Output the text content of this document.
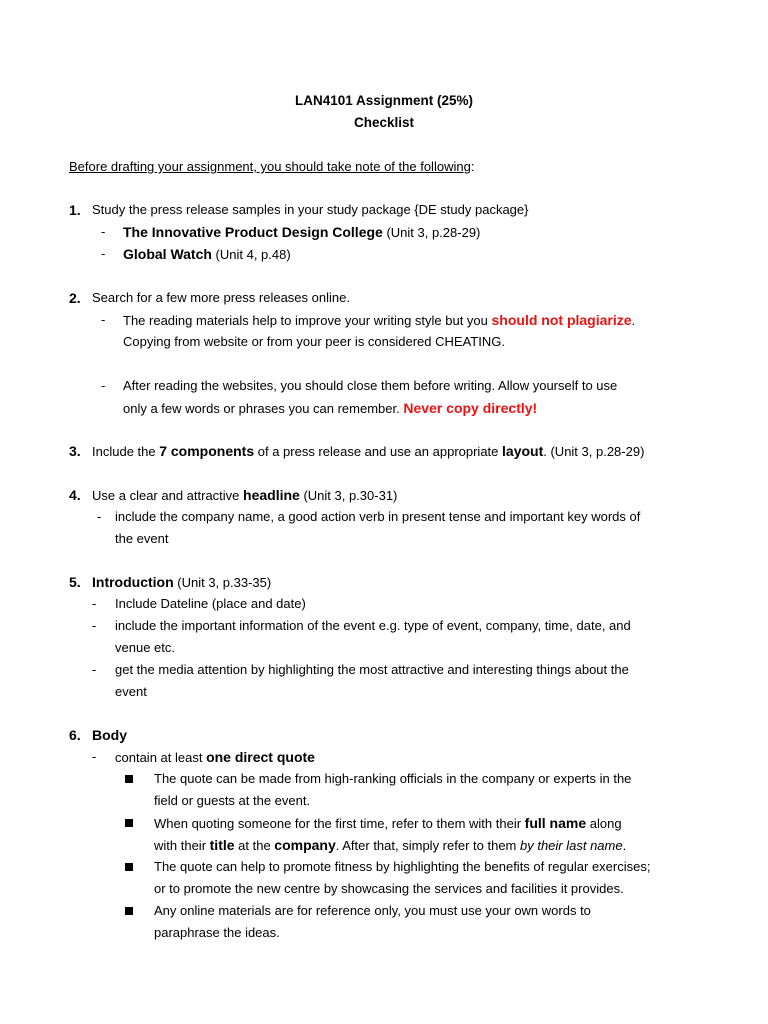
LAN4101 Assignment (25%)
Checklist
Before drafting your assignment, you should take note of the following:
1. Study the press release samples in your study package {DE study package}
- The Innovative Product Design College (Unit 3, p.28-29)
- Global Watch (Unit 4, p.48)
2. Search for a few more press releases online.
- The reading materials help to improve your writing style but you should not plagiarize.
Copying from website or from your peer is considered CHEATING.
- After reading the websites, you should close them before writing. Allow yourself to use
only a few words or phrases you can remember. Never copy directly!
3. Include the 7 components of a press release and use an appropriate layout. (Unit 3, p.28-29)
4. Use a clear and attractive headline (Unit 3, p.30-31)
- include the company name, a good action verb in present tense and important key words of
the event
5. Introduction (Unit 3, p.33-35)
- Include Dateline (place and date)
- include the important information of the event e.g. type of event, company, time, date, and
venue etc.
- get the media attention by highlighting the most attractive and interesting things about the
event
6. Body
- contain at least one direct quote
The quote can be made from high-ranking officials in the company or experts in the
field or guests at the event.
When quoting someone for the first time, refer to them with their full name along
with their title at the company. After that, simply refer to them by their last name.
The quote can help to promote fitness by highlighting the benefits of regular exercises;
or to promote the new centre by showcasing the services and facilities it provides.
Any online materials are for reference only, you must use your own words to
paraphrase the ideas.
